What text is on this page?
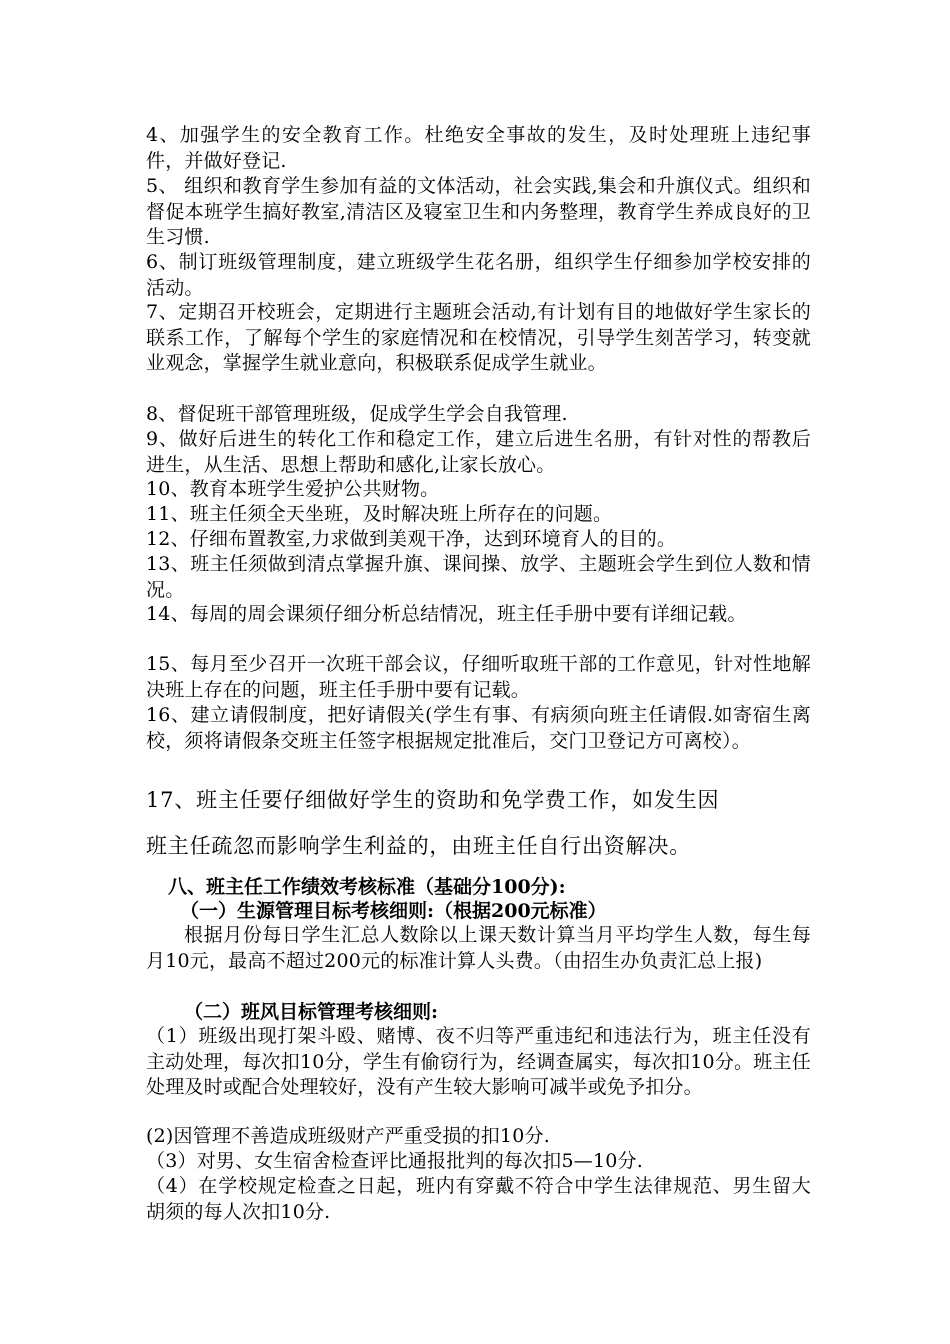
4、加强学生的安全教育工作。杜绝安全事故的发生，及时处理班上违纪事件，并做好登记.
5、 组织和教育学生参加有益的文体活动，社会实践,集会和升旗仪式。组织和督促本班学生搞好教室,清洁区及寝室卫生和内务整理，教育学生养成良好的卫生习惯.
6、制订班级管理制度，建立班级学生花名册，组织学生仔细参加学校安排的活动。
7、定期召开校班会，定期进行主题班会活动,有计划有目的地做好学生家长的联系工作，了解每个学生的家庭情况和在校情况，引导学生刻苦学习，转变就业观念，掌握学生就业意向，积极联系促成学生就业。
8、督促班干部管理班级，促成学生学会自我管理.
9、做好后进生的转化工作和稳定工作，建立后进生名册，有针对性的帮教后进生，从生活、思想上帮助和感化,让家长放心。
10、教育本班学生爱护公共财物。
11、班主任须全天坐班，及时解决班上所存在的问题。
12、仔细布置教室,力求做到美观干净，达到环境育人的目的。
13、班主任须做到清点掌握升旗、课间操、放学、主题班会学生到位人数和情况。
14、每周的周会课须仔细分析总结情况，班主任手册中要有详细记载。
15、每月至少召开一次班干部会议，仔细听取班干部的工作意见，针对性地解决班上存在的问题，班主任手册中要有记载。
16、建立请假制度，把好请假关(学生有事、有病须向班主任请假.如寄宿生离校，须将请假条交班主任签字根据规定批准后，交门卫登记方可离校）。
17、班主任要仔细做好学生的资助和免学费工作，如发生因
班主任疏忽而影响学生利益的，由班主任自行出资解决。
八、班主任工作绩效考核标准（基础分100分):
（一）生源管理目标考核细则:（根据200元标准）
根据月份每日学生汇总人数除以上课天数计算当月平均学生人数，每生每月10元，最高不超过200元的标准计算人头费。（由招生办负责汇总上报)
（二）班风目标管理考核细则:
（1）班级出现打架斗殴、赌博、夜不归等严重违纪和违法行为，班主任没有主动处理，每次扣10分，学生有偷窃行为，经调查属实，每次扣10分。班主任处理及时或配合处理较好，没有产生较大影响可减半或免予扣分。
(2)因管理不善造成班级财产严重受损的扣10分.
（3）对男、女生宿舍检查评比通报批判的每次扣5—10分.
（4）在学校规定检查之日起，班内有穿戴不符合中学生法律规范、男生留大胡须的每人次扣10分.
